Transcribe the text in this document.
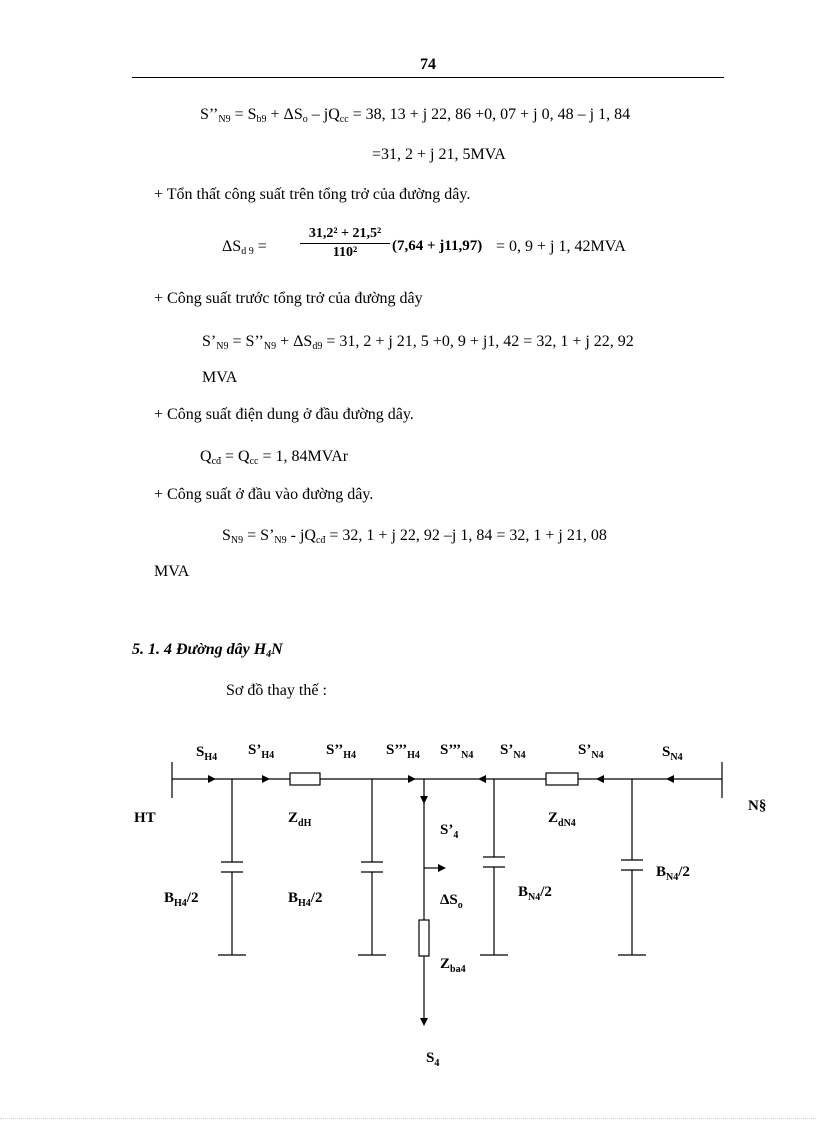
74
$S’’_{N9} = S_{b9} + \Delta S_o - jQ_{cc} = 38$, 13 + j 22, 86 +0, 07 + j 0, 48 – j 1, 84
=31, 2 + j 21, 5MVA
+ Tổn thất công suất trên tổng trở của đường dây.
$\Delta S_{d 9} = \frac{\text{31,2² + 21,5²}}{\text{110²}} (7,64 + j11,97) = 0$, 9 + j 1, 42MVA
+ Công suất trước tổng trở của đường dây
$S’_{N9}$ = $S’’_{N9} + \Delta S_{d9} = 31$, 2 + j 21, 5 +0, 9 + j1, 42 = 32, 1 + j 22, 92
MVA
+ Công suất điện dung ở đầu đường dây.
$Q_{cđ} = Q_{cc} = 1$, 84MVAr
+ Công suất ở đầu vào đường dây.
$S_{N9}$ = $S’_{N9} - jQ_{cđ} = 32$, 1 + j 22, 92 –j 1, 84 = 32, 1 + j 21, 08
MVA
5. 1. 4 Đường dây $H_4N$
Sơ đồ thay thế :
$S_{H4}$ $S’_{H4}$	$S’’_{H4}$ $S’’’_{H4}$ $S’’’_{N4}$ $S’_{N4}$	$S’_{N4}$	$S_{N4}$
HT
N§
$Z_{dH}$	$Z_{dN4}$
$S’_4$
$\Delta S_o$
$Z_{ba4}$
$S_4$
$B_{H4}/2$	$B_{H4}/2$	$B_{N4}/2$
$B_{N4}/2$
